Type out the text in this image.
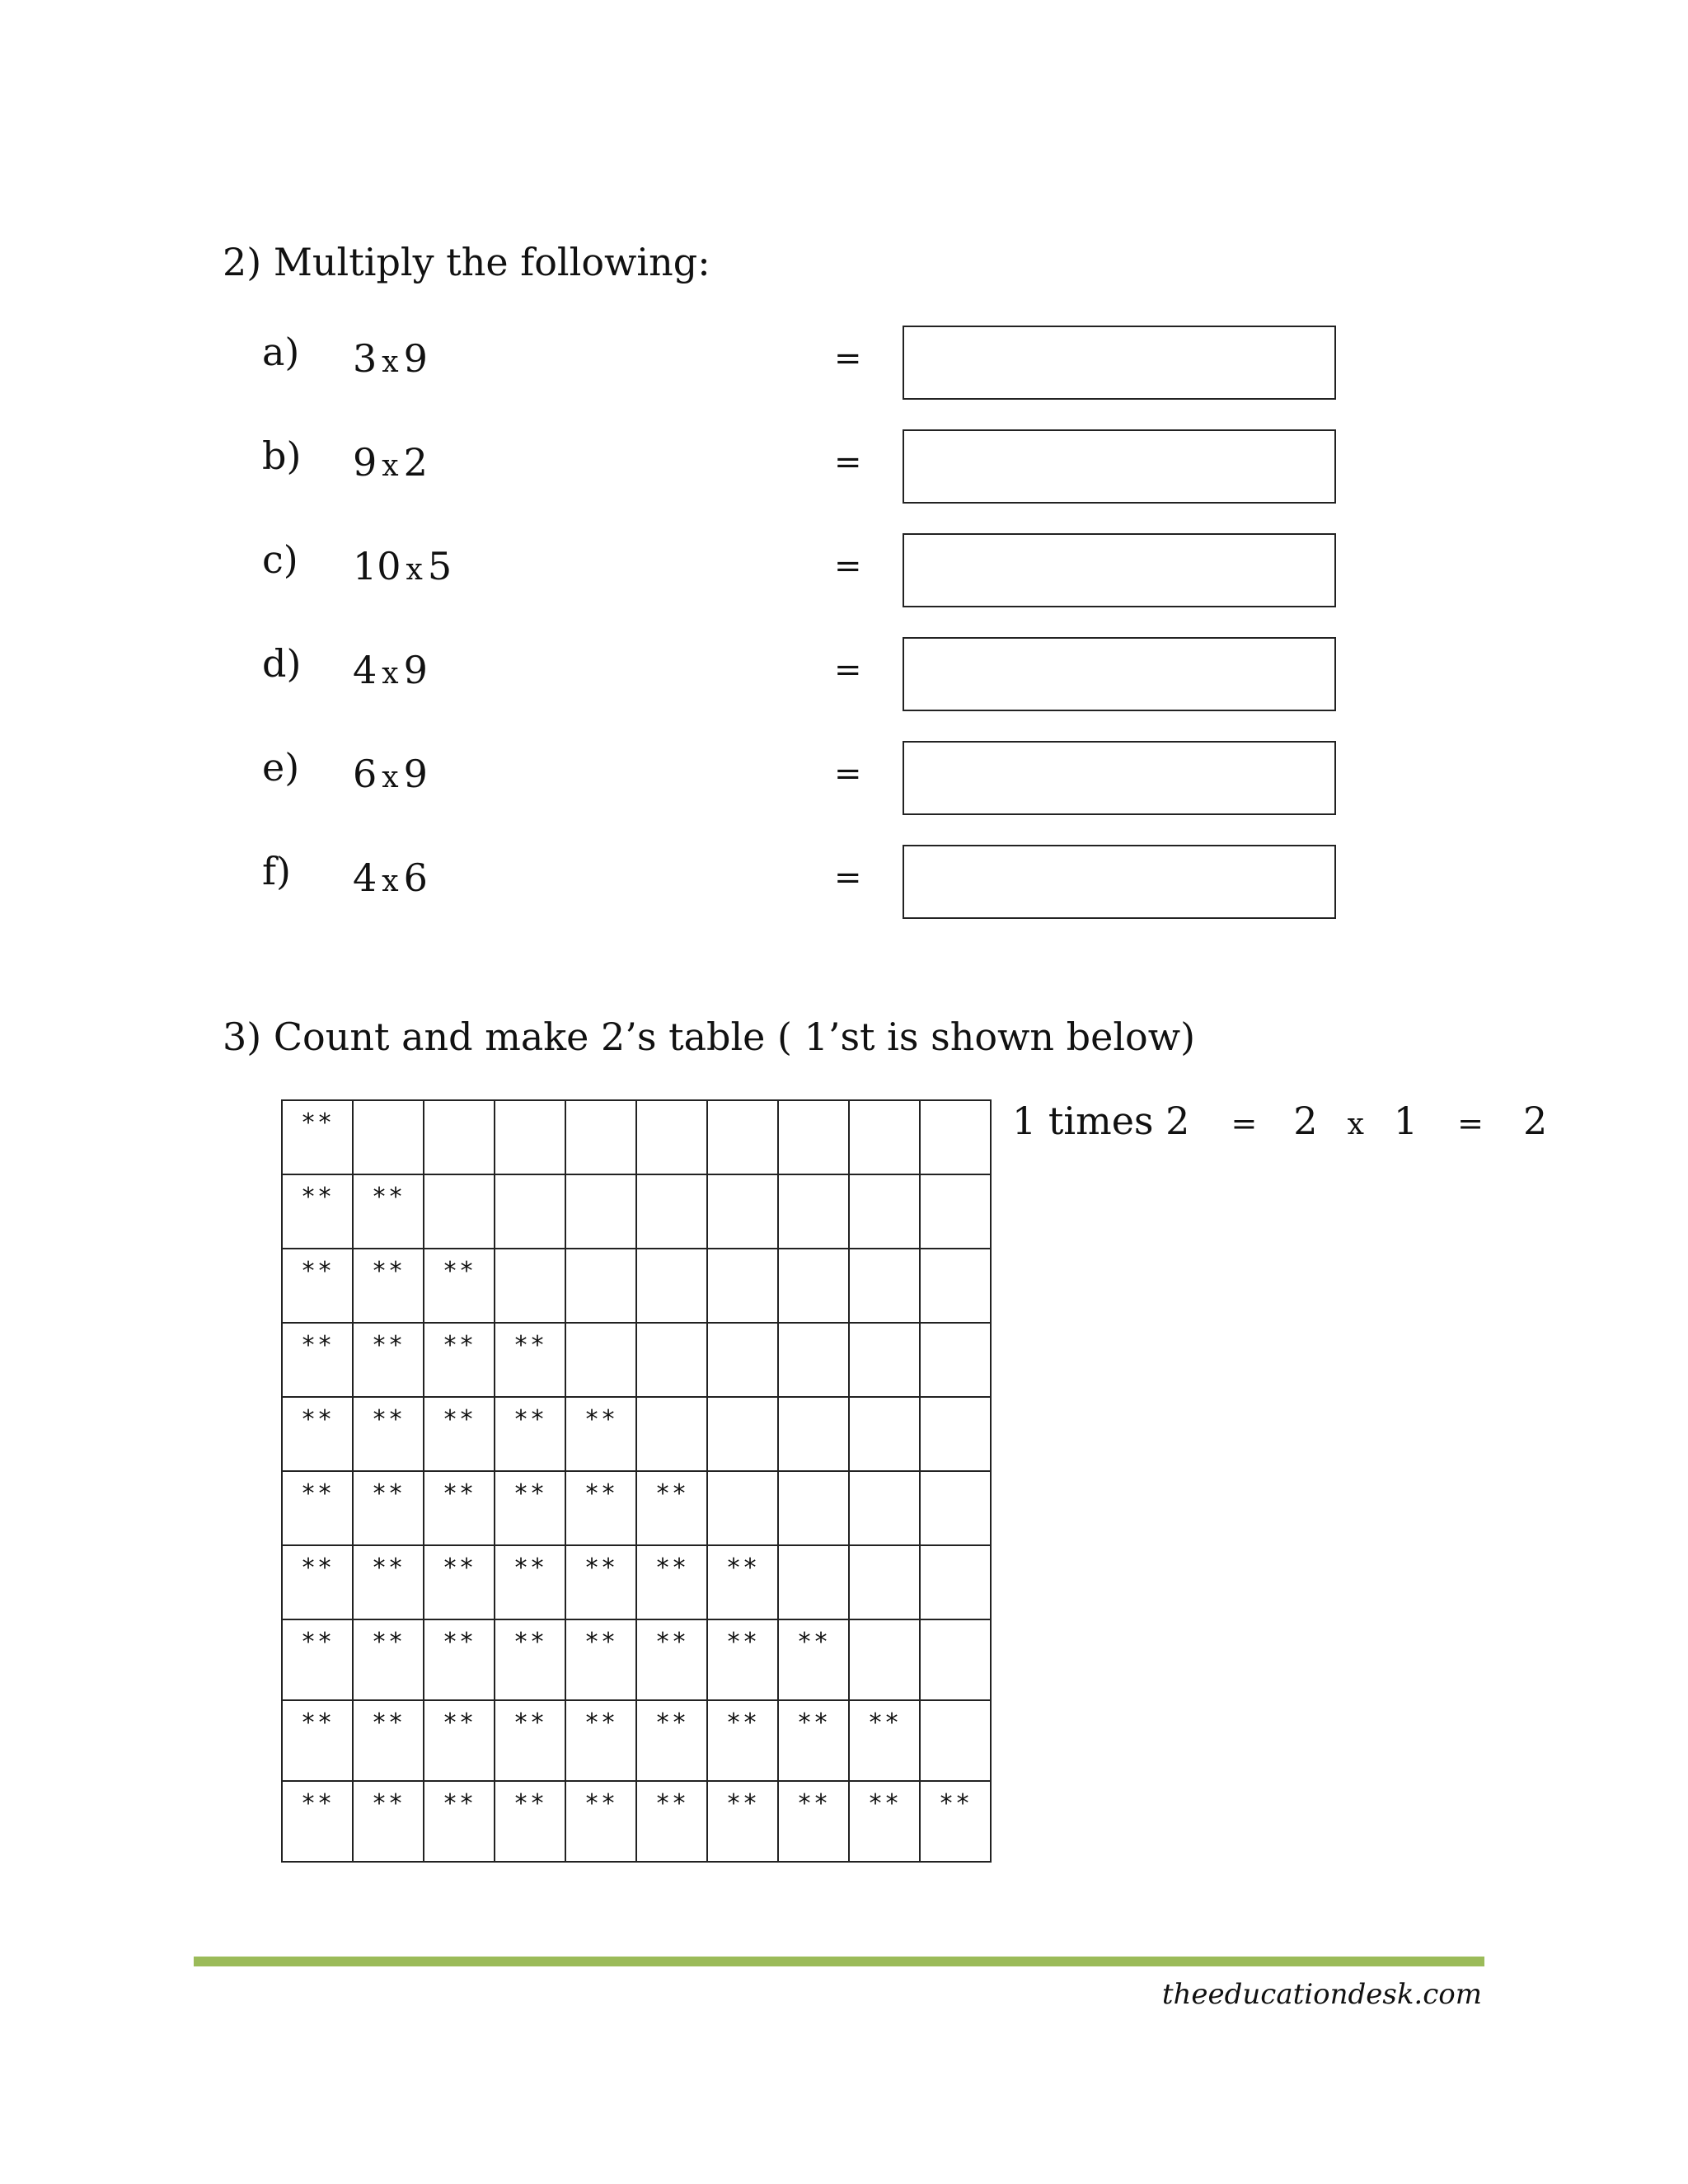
2) Multiply the following:
a) 3 x 9	=
b) 9 x 2	=
c) 10 x 5	=
d) 4 x 9	=
e) 6 x 9	=
f) 4 x 6	=
3) Count and make 2’s table ( 1’st is shown below)
**									

**	**								

**	**	**							

**	**	**	**						

**	**	**	**	**					

**	**	**	**	**	**				

**	**	**	**	**	**	**			

**	**	**	**	**	**	**	**		

**	**	**	**	**	**	**	**	**	

**	**	**	**	**	**	**	**	**	**
1 times 2 = 2 x 1 = 2
theeducationdesk.com
